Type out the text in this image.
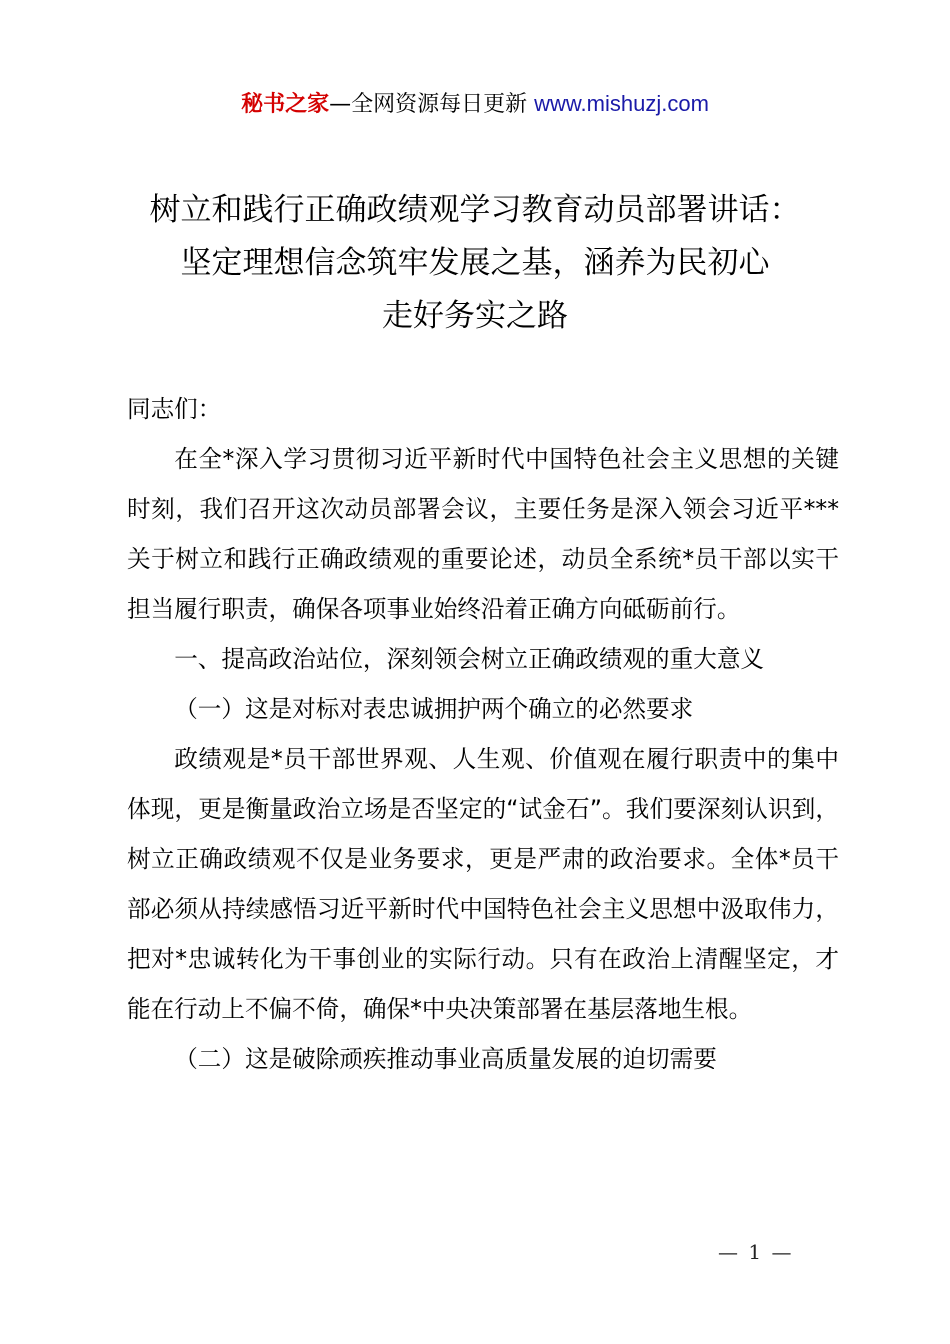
秘书之家—全网资源每日更新 www.mishuzj.com
树立和践行正确政绩观学习教育动员部署讲话：
坚定理想信念筑牢发展之基，涵养为民初心
走好务实之路

同志们：

在全*深入学习贯彻习近平新时代中国特色社会主义思想的关键时刻，我们召开这次动员部署会议，主要任务是深入领会习近平***关于树立和践行正确政绩观的重要论述，动员全系统*员干部以实干担当履行职责，确保各项事业始终沿着正确方向砥砺前行。

一、提高政治站位，深刻领会树立正确政绩观的重大意义

（一）这是对标对表忠诚拥护两个确立的必然要求

政绩观是*员干部世界观、人生观、价值观在履行职责中的集中体现，更是衡量政治立场是否坚定的“试金石”。我们要深刻认识到，树立正确政绩观不仅是业务要求，更是严肃的政治要求。全体*员干部必须从持续感悟习近平新时代中国特色社会主义思想中汲取伟力，把对*忠诚转化为干事创业的实际行动。只有在政治上清醒坚定，才能在行动上不偏不倚，确保*中央决策部署在基层落地生根。

（二）这是破除顽疾推动事业高质量发展的迫切需要

— 1 —
